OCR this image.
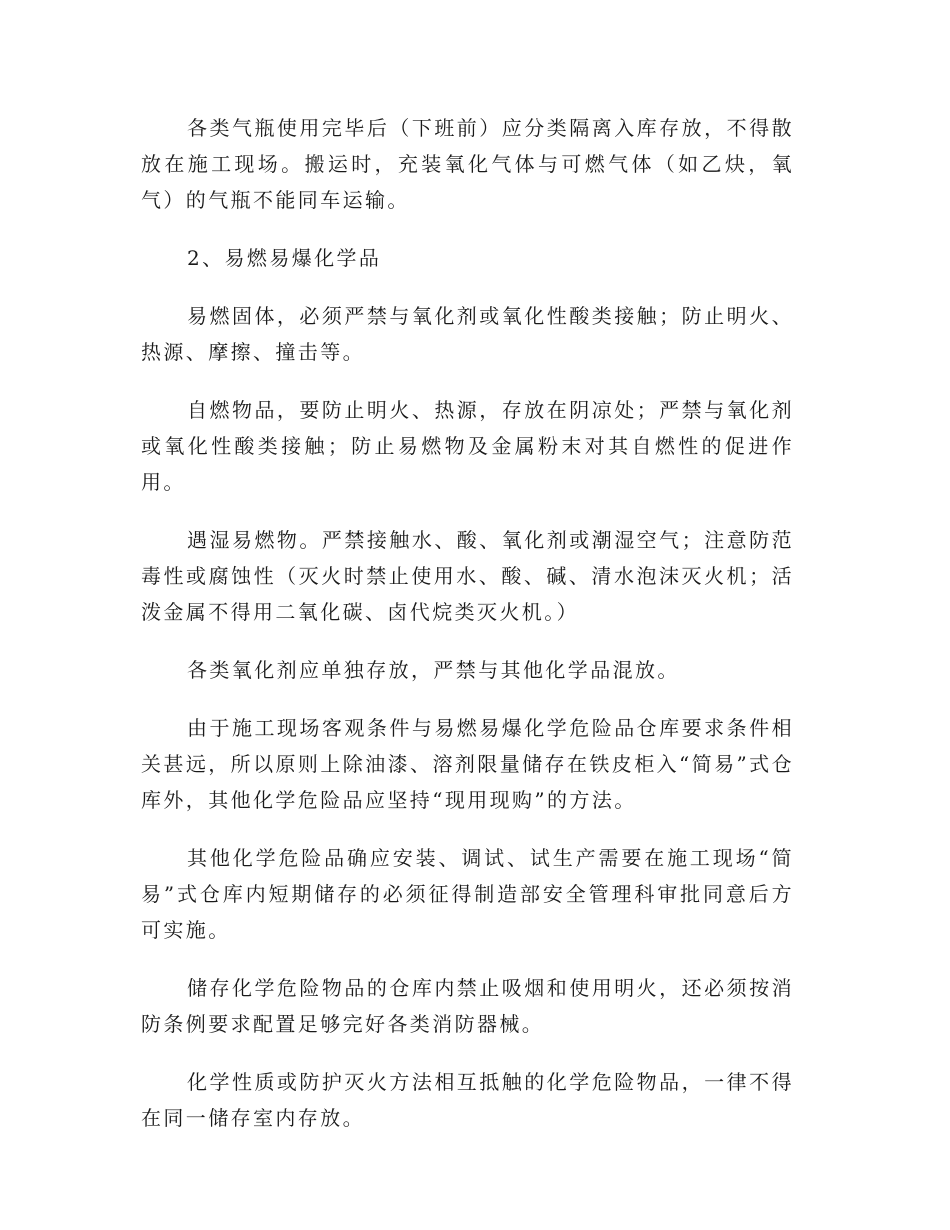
各类气瓶使用完毕后（下班前）应分类隔离入库存放，不得散放在施工现场。搬运时，充装氧化气体与可燃气体（如乙炔，氧气）的气瓶不能同车运输。

2、易燃易爆化学品

易燃固体，必须严禁与氧化剂或氧化性酸类接触；防止明火、热源、摩擦、撞击等。

自燃物品，要防止明火、热源，存放在阴凉处；严禁与氧化剂或氧化性酸类接触；防止易燃物及金属粉末对其自燃性的促进作用。

遇湿易燃物。严禁接触水、酸、氧化剂或潮湿空气；注意防范毒性或腐蚀性（灭火时禁止使用水、酸、碱、清水泡沫灭火机；活泼金属不得用二氧化碳、卤代烷类灭火机。）

各类氧化剂应单独存放，严禁与其他化学品混放。

由于施工现场客观条件与易燃易爆化学危险品仓库要求条件相关甚远，所以原则上除油漆、溶剂限量储存在铁皮柜入“简易”式仓库外，其他化学危险品应坚持“现用现购”的方法。

其他化学危险品确应安装、调试、试生产需要在施工现场“简易”式仓库内短期储存的必须征得制造部安全管理科审批同意后方可实施。

储存化学危险物品的仓库内禁止吸烟和使用明火，还必须按消防条例要求配置足够完好各类消防器械。

化学性质或防护灭火方法相互抵触的化学危险物品，一律不得在同一储存室内存放。
